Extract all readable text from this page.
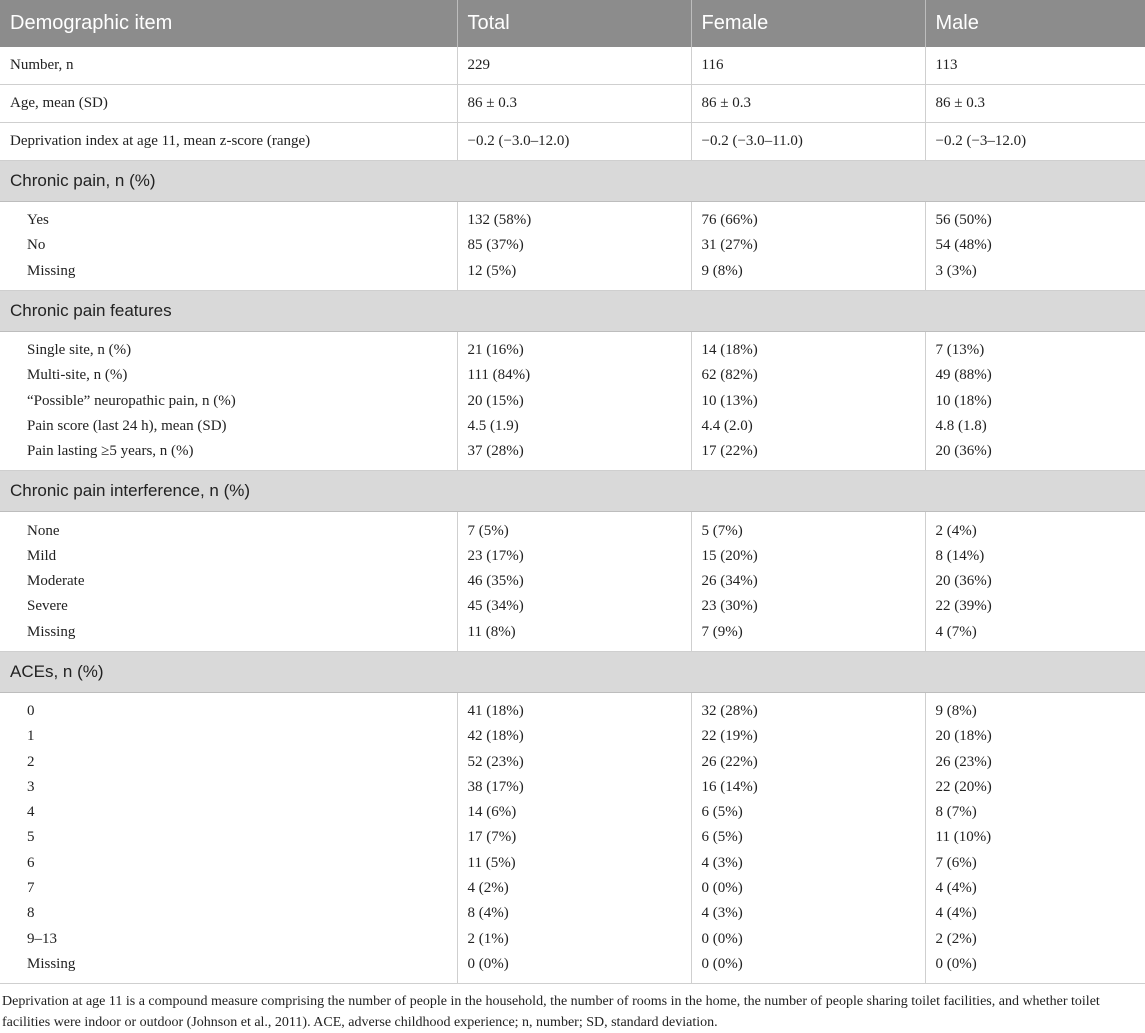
Demographic item	Total	Female	Male
Number, n	229	116	113
Age, mean (SD)	86 ± 0.3	86 ± 0.3	86 ± 0.3
Deprivation index at age 11, mean z-score (range)	−0.2 (−3.0–12.0)	−0.2 (−3.0–11.0)	−0.2 (−3–12.0)
Chronic pain, n (%)			
Yes	132 (58%)	76 (66%)	56 (50%)
No	85 (37%)	31 (27%)	54 (48%)
Missing	12 (5%)	9 (8%)	3 (3%)
Chronic pain features			
Single site, n (%)	21 (16%)	14 (18%)	7 (13%)
Multi-site, n (%)	111 (84%)	62 (82%)	49 (88%)
“Possible” neuropathic pain, n (%)	20 (15%)	10 (13%)	10 (18%)
Pain score (last 24 h), mean (SD)	4.5 (1.9)	4.4 (2.0)	4.8 (1.8)
Pain lasting ≥5 years, n (%)	37 (28%)	17 (22%)	20 (36%)
Chronic pain interference, n (%)			
None	7 (5%)	5 (7%)	2 (4%)
Mild	23 (17%)	15 (20%)	8 (14%)
Moderate	46 (35%)	26 (34%)	20 (36%)
Severe	45 (34%)	23 (30%)	22 (39%)
Missing	11 (8%)	7 (9%)	4 (7%)
ACEs, n (%)			
0	41 (18%)	32 (28%)	9 (8%)
1	42 (18%)	22 (19%)	20 (18%)
2	52 (23%)	26 (22%)	26 (23%)
3	38 (17%)	16 (14%)	22 (20%)
4	14 (6%)	6 (5%)	8 (7%)
5	17 (7%)	6 (5%)	11 (10%)
6	11 (5%)	4 (3%)	7 (6%)
7	4 (2%)	0 (0%)	4 (4%)
8	8 (4%)	4 (3%)	4 (4%)
9–13	2 (1%)	0 (0%)	2 (2%)
Missing	0 (0%)	0 (0%)	0 (0%)
Deprivation at age 11 is a compound measure comprising the number of people in the household, the number of rooms in the home, the number of people sharing toilet facilities, and whether toilet facilities were indoor or outdoor (Johnson et al., 2011). ACE, adverse childhood experience; n, number; SD, standard deviation.
